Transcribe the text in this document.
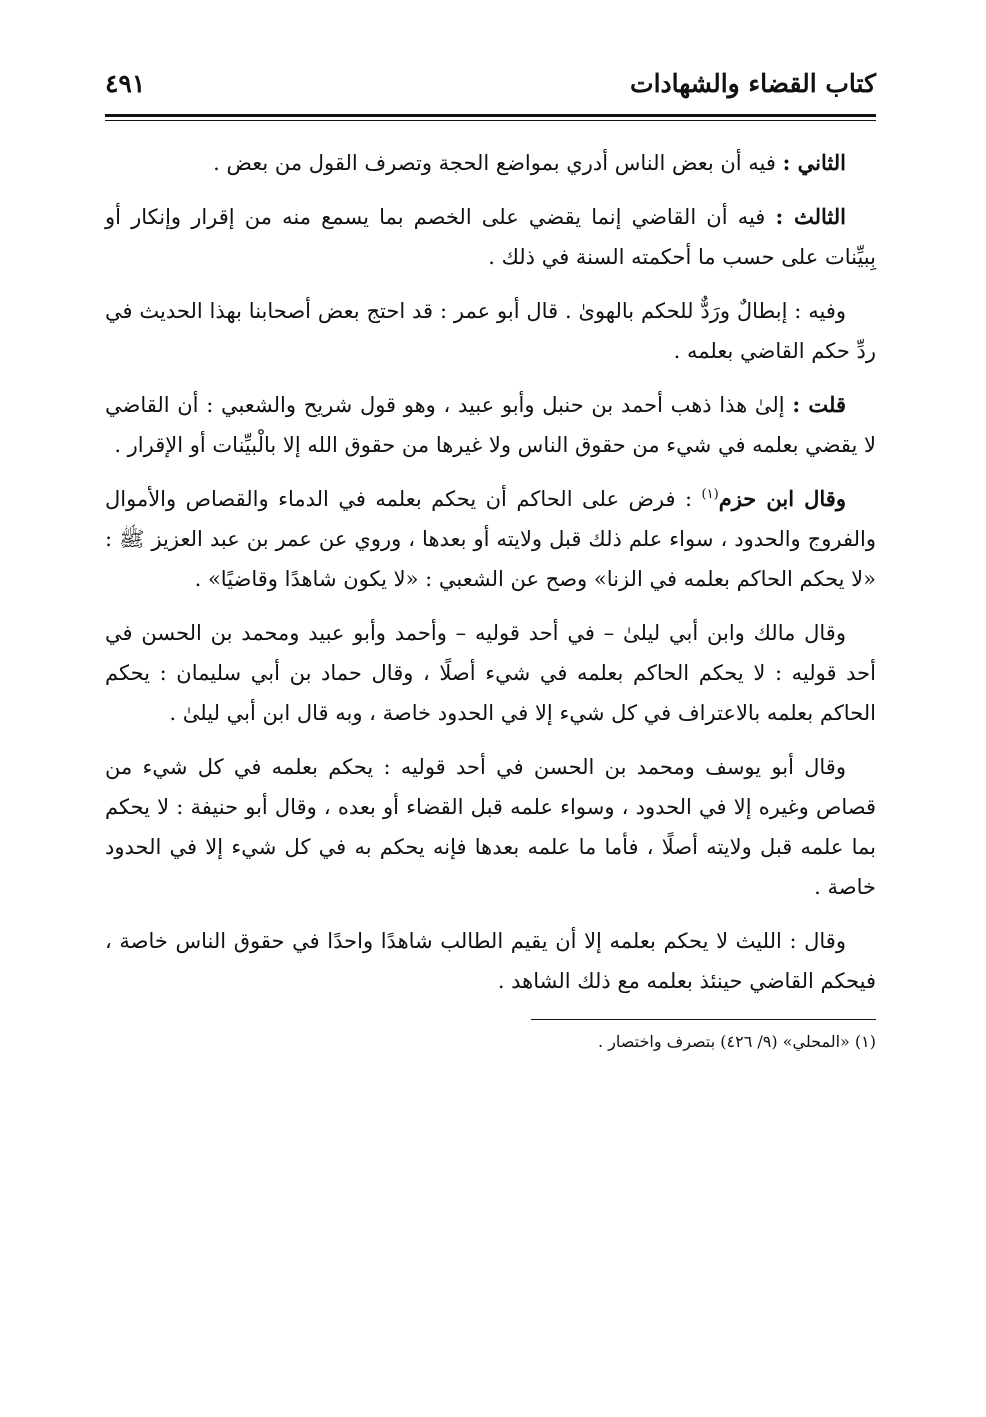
كتاب القضاء والشهادات
٤٩١

الثاني : فيه أن بعض الناس أدري بمواضع الحجة وتصرف القول من بعض .

الثالث : فيه أن القاضي إنما يقضي على الخصم بما يسمع منه من إقرار وإنكار أو بِبيِّنات على حسب ما أحكمته السنة في ذلك .

وفيه : إبطالٌ ورَدٌّ للحكم بالهوىٰ . قال أبو عمر : قد احتج بعض أصحابنا بهذا الحديث في ردِّ حكم القاضي بعلمه .

قلت : إلىٰ هذا ذهب أحمد بن حنبل وأبو عبيد ، وهو قول شريح والشعبي : أن القاضي لا يقضي بعلمه في شيء من حقوق الناس ولا غيرها من حقوق الله إلا بالْبيِّنات أو الإقرار .

وقال ابن حزم$^{(١)}$ : فرض على الحاكم أن يحكم بعلمه في الدماء والقصاص والأموال والفروج والحدود ، سواء علم ذلك قبل ولايته أو بعدها ، وروي عن عمر بن عبد العزيز ﷺ : «لا يحكم الحاكم بعلمه في الزنا» وصح عن الشعبي : «لا يكون شاهدًا وقاضيًا» .

وقال مالك وابن أبي ليلىٰ – في أحد قوليه – وأحمد وأبو عبيد ومحمد بن الحسن في أحد قوليه : لا يحكم الحاكم بعلمه في شيء أصلًا ، وقال حماد بن أبي سليمان : يحكم الحاكم بعلمه بالاعتراف في كل شيء إلا في الحدود خاصة ، وبه قال ابن أبي ليلىٰ .

وقال أبو يوسف ومحمد بن الحسن في أحد قوليه : يحكم بعلمه في كل شيء من قصاص وغيره إلا في الحدود ، وسواء علمه قبل القضاء أو بعده ، وقال أبو حنيفة : لا يحكم بما علمه قبل ولايته أصلًا ، فأما ما علمه بعدها فإنه يحكم به في كل شيء إلا في الحدود خاصة .

وقال : الليث لا يحكم بعلمه إلا أن يقيم الطالب شاهدًا واحدًا في حقوق الناس خاصة ، فيحكم القاضي حينئذ بعلمه مع ذلك الشاهد .

(١) «المحلي» (٩/ ٤٢٦) بتصرف واختصار .
